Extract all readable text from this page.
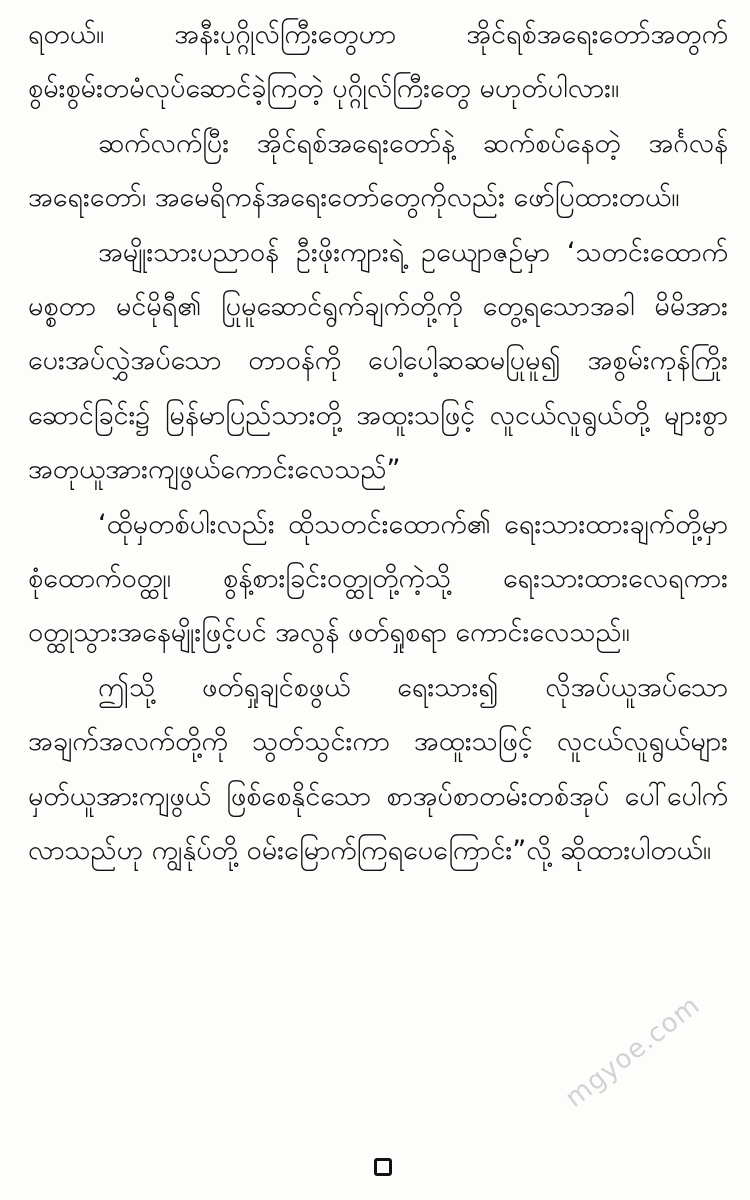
ရတယ်။ အနီးပုဂ္ဂိုလ်ကြီးတွေဟာ အိုင်ရစ်အရေးတော်အတွက် စွမ်းစွမ်းတမံလုပ်ဆောင်ခဲ့ကြတဲ့ ပုဂ္ဂိုလ်ကြီးတွေ မဟုတ်ပါလား။

ဆက်လက်ပြီး အိုင်ရစ်အရေးတော်နဲ့ ဆက်စပ်နေတဲ့ အင်္ဂလန်အရေးတော်၊ အမေရိကန်အရေးတော်တွေကိုလည်း ဖော်ပြထားတယ်။

အမျိုးသားပညာဝန် ဦးဖိုးကျားရဲ့ ဥယျောဇဉ်မှာ ‘သတင်းထောက်မစ္စတာ မင်မိုရီ၏ ပြုမူဆောင်ရွက်ချက်တို့ကို တွေ့ရသောအခါ မိမိအား ပေးအပ်လွှဲအပ်သော တာဝန်ကို ပေါ့ပေါ့ဆဆမပြုမူ၍ အစွမ်းကုန်ကြိုးဆောင်ခြင်း၌ မြန်မာပြည်သားတို့ အထူးသဖြင့် လူငယ်လူရွယ်တို့ များစွာ အတုယူအားကျဖွယ်ကောင်းလေသည်”

‘ထိုမှတစ်ပါးလည်း ထိုသတင်းထောက်၏ ရေးသားထားချက်တို့မှာ စုံထောက်ဝတ္ထု၊ စွန့်စားခြင်းဝတ္ထုတို့ကဲ့သို့ ရေးသားထားလေရကား ဝတ္ထုသွားအနေမျိုးဖြင့်ပင် အလွန် ဖတ်ရှုစရာ ကောင်းလေသည်။

ဤသို့ ဖတ်ရှုချင်စဖွယ် ရေးသား၍ လိုအပ်ယူအပ်သော အချက်အလက်တို့ကို သွတ်သွင်းကာ အထူးသဖြင့် လူငယ်လူရွယ်များ မှတ်ယူအားကျဖွယ် ဖြစ်စေနိုင်သော စာအုပ်စာတမ်းတစ်အုပ် ပေါ်ပေါက်လာသည်ဟု ကျွန်ုပ်တို့ ဝမ်းမြောက်ကြရပေကြောင်း”လို့ ဆိုထားပါတယ်။

mgyoe.com
